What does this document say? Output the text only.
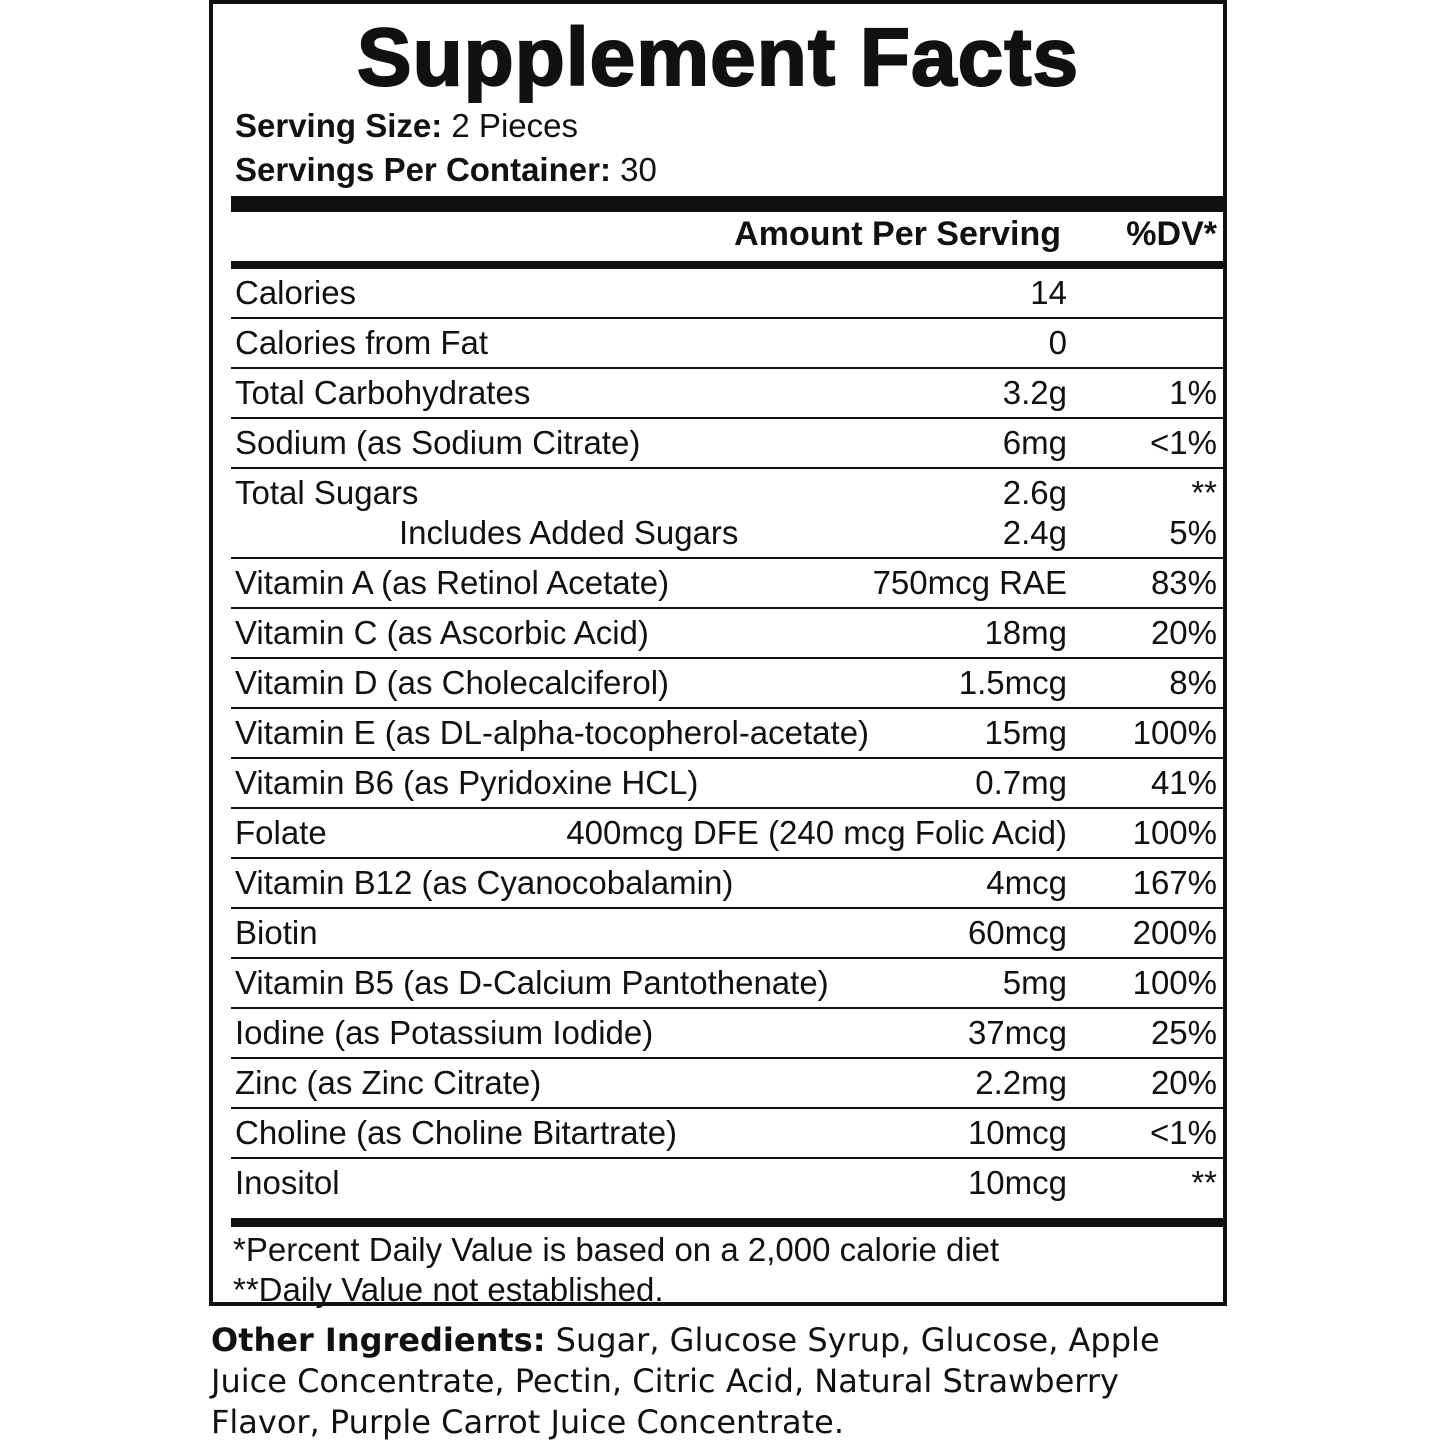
Supplement Facts
Serving Size: 2 Pieces
Servings Per Container: 30
Amount Per Serving %DV*
Calories	14
Calories from Fat	0
Total Carbohydrates	3.2g	1%
Sodium (as Sodium Citrate)	6mg	<1%
Total Sugars	2.6g	**
Includes Added Sugars	2.4g	5%
Vitamin A (as Retinol Acetate)	750mcg RAE	83%
Vitamin C (as Ascorbic Acid)	18mg	20%
Vitamin D (as Cholecalciferol)	1.5mcg	8%
Vitamin E (as DL-alpha-tocopherol-acetate)	15mg 100%
Vitamin B6 (as Pyridoxine HCL)	0.7mg	41%
Folate	400mcg DFE (240 mcg Folic Acid) 100%
Vitamin B12 (as Cyanocobalamin)	4mcg 167%
Biotin	60mcg 200%
Vitamin B5 (as D-Calcium Pantothenate)	5mg 100%
Iodine (as Potassium Iodide)	37mcg	25%
Zinc (as Zinc Citrate)	2.2mg	20%
Choline (as Choline Bitartrate)	10mcg	<1%
Inositol	10mcg	**
*Percent Daily Value is based on a 2,000 calorie diet
**Daily Value not established.
Other Ingredients: Sugar, Glucose Syrup, Glucose, Apple Juice Concentrate, Pectin, Citric Acid, Natural Strawberry Flavor, Purple Carrot Juice Concentrate.
